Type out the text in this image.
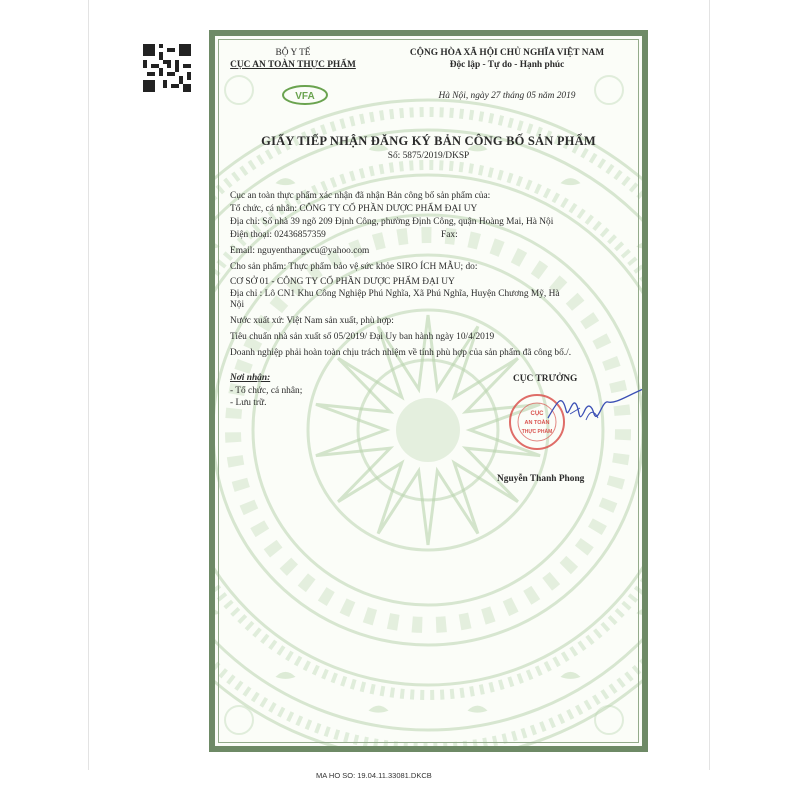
BỘ Y TẾ
CỤC AN TOÀN THỰC PHẨM
VFA
CỘNG HÒA XÃ HỘI CHỦ NGHĨA VIỆT NAM
Độc lập - Tự do - Hạnh phúc
Hà Nội, ngày 27 tháng 05 năm 2019
GIẤY TIẾP NHẬN ĐĂNG KÝ BẢN CÔNG BỐ SẢN PHẨM
Số: 5875/2019/DKSP
Cục an toàn thực phẩm xác nhận đã nhận Bản công bố sản phẩm của:
Tổ chức, cá nhân: CÔNG TY CỔ PHẦN DƯỢC PHẨM ĐẠI UY
Địa chỉ: Số nhà 39 ngõ 209 Định Công, phường Định Công, quận Hoàng Mai, Hà Nội
Điện thoại: 02436857359	Fax:
Email: nguyenthangvcu@yahoo.com
Cho sản phẩm: Thực phẩm bảo vệ sức khỏe SIRO ÍCH MẪU; do:
CƠ SỞ 01 - CÔNG TY CỔ PHẦN DƯỢC PHẨM ĐẠI UY
Địa chỉ : Lô CN1 Khu Công Nghiệp Phú Nghĩa, Xã Phú Nghĩa, Huyện Chương Mỹ, Hà
Nội
Nước xuất xứ: Việt Nam sản xuất, phù hợp:
Tiêu chuẩn nhà sản xuất số 05/2019/ Đại Uy ban hành ngày 10/4/2019
Doanh nghiệp phải hoàn toàn chịu trách nhiệm về tính phù hợp của sản phẩm đã công bố./.
Nơi nhận:
- Tổ chức, cá nhân;
- Lưu trữ.
CỤC TRƯỞNG
CỤC
AN TOÀN
THỰC PHẨM
Nguyễn Thanh Phong
MA HO SO: 19.04.11.33081.DKCB
